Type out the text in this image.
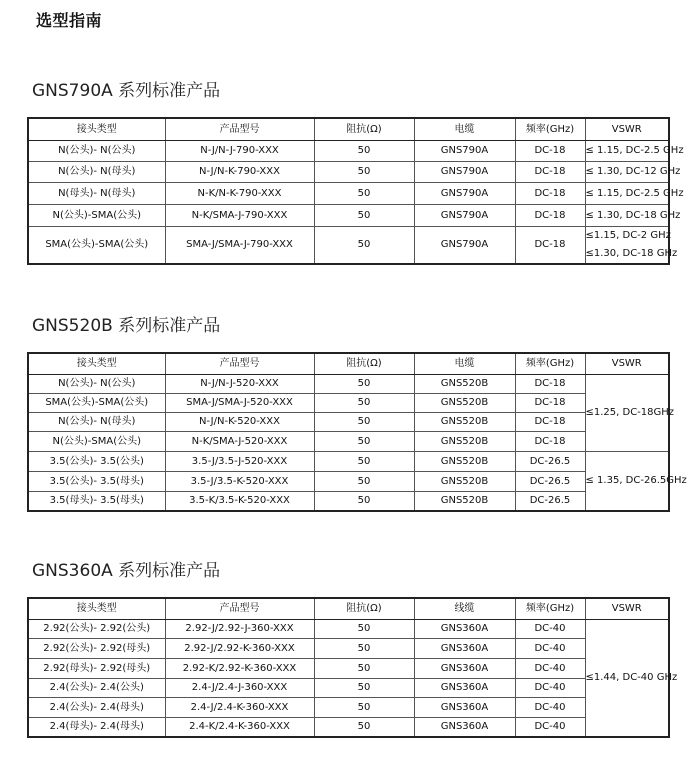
选型指南
GNS790A 系列标准产品
接头类型	产品型号	阻抗(Ω)	电缆	频率(GHz)	VSWR
N(公头)- N(公头)	N-J/N-J-790-XXX	50	GNS790A	DC-18	≤ 1.15, DC-2.5 GHz
N(公头)- N(母头)	N-J/N-K-790-XXX	50	GNS790A	DC-18	≤ 1.30, DC-12 GHz
N(母头)- N(母头)	N-K/N-K-790-XXX	50	GNS790A	DC-18	≤ 1.15, DC-2.5 GHz
N(公头)-SMA(公头)	N-K/SMA-J-790-XXX	50	GNS790A	DC-18	≤ 1.30, DC-18 GHz
SMA(公头)-SMA(公头)	SMA-J/SMA-J-790-XXX	50	GNS790A	DC-18	≤1.15, DC-2 GHz
≤1.30, DC-18 GHz
GNS520B 系列标准产品
接头类型	产品型号	阻抗(Ω)	电缆	频率(GHz)	VSWR
N(公头)- N(公头)	N-J/N-J-520-XXX	50	GNS520B	DC-18	≤1.25, DC-18GHz
SMA(公头)-SMA(公头)	SMA-J/SMA-J-520-XXX	50	GNS520B	DC-18	
N(公头)- N(母头)	N-J/N-K-520-XXX	50	GNS520B	DC-18	
N(公头)-SMA(公头)	N-K/SMA-J-520-XXX	50	GNS520B	DC-18	
3.5(公头)- 3.5(公头)	3.5-J/3.5-J-520-XXX	50	GNS520B	DC-26.5	≤ 1.35, DC-26.5GHz
3.5(公头)- 3.5(母头)	3.5-J/3.5-K-520-XXX	50	GNS520B	DC-26.5	
3.5(母头)- 3.5(母头)	3.5-K/3.5-K-520-XXX	50	GNS520B	DC-26.5	
GNS360A 系列标准产品
接头类型	产品型号	阻抗(Ω)	线缆	频率(GHz)	VSWR
2.92(公头)- 2.92(公头)	2.92-J/2.92-J-360-XXX	50	GNS360A	DC-40	≤1.44, DC-40 GHz
2.92(公头)- 2.92(母头)	2.92-J/2.92-K-360-XXX	50	GNS360A	DC-40	
2.92(母头)- 2.92(母头)	2.92-K/2.92-K-360-XXX	50	GNS360A	DC-40	
2.4(公头)- 2.4(公头)	2.4-J/2.4-J-360-XXX	50	GNS360A	DC-40	
2.4(公头)- 2.4(母头)	2.4-J/2.4-K-360-XXX	50	GNS360A	DC-40	
2.4(母头)- 2.4(母头)	2.4-K/2.4-K-360-XXX	50	GNS360A	DC-40	
